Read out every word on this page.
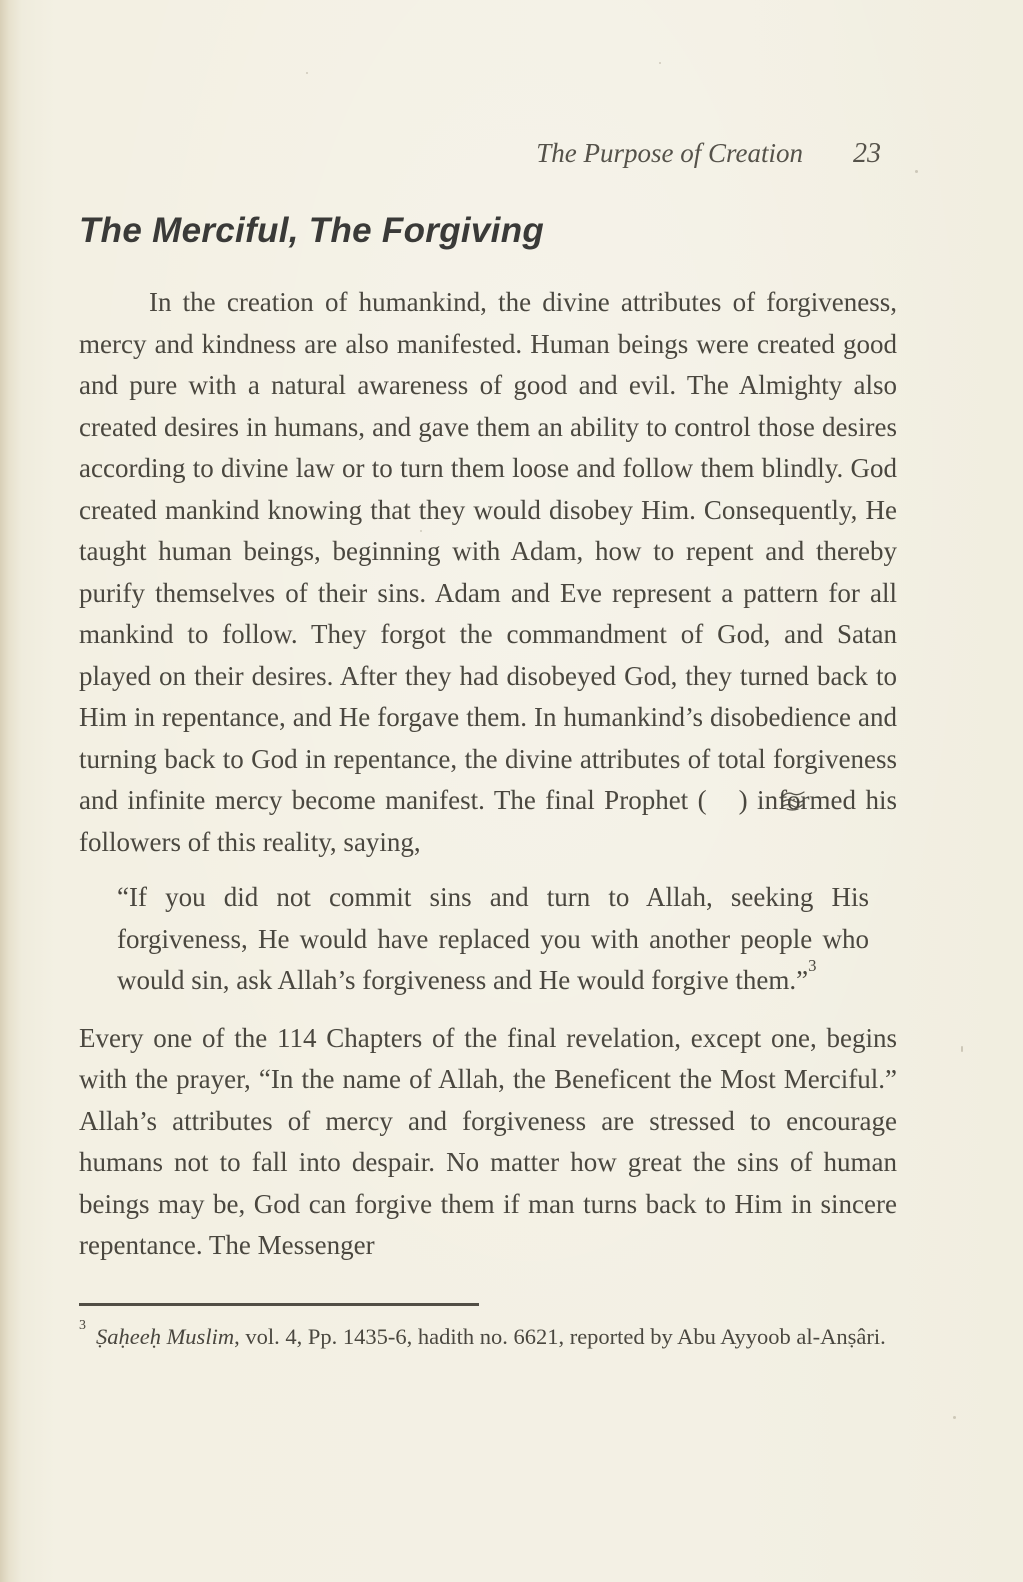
The Purpose of Creation 23
The Merciful, The Forgiving

In the creation of humankind, the divine attributes of forgiveness, mercy and kindness are also manifested. Human beings were created good and pure with a natural awareness of good and evil. The Almighty also created desires in humans, and gave them an ability to control those desires according to divine law or to turn them loose and follow them blindly. God created mankind knowing that they would disobey Him. Consequently, He taught human beings, beginning with Adam, how to repent and thereby purify themselves of their sins. Adam and Eve represent a pattern for all mankind to follow. They forgot the commandment of God, and Satan played on their desires. After they had disobeyed God, they turned back to Him in repentance, and He forgave them. In humankind’s disobedience and turning back to God in repentance, the divine attributes of total forgiveness and infinite mercy become manifest. The final Prophet ( ) informed his followers of this reality, saying,

“If you did not commit sins and turn to Allah, seeking His forgiveness, He would have replaced you with another people who would sin, ask Allah’s forgiveness and He would forgive them.”$^3$

Every one of the 114 Chapters of the final revelation, except one, begins with the prayer, “In the name of Allah, the Beneficent the Most Merciful.” Allah’s attributes of mercy and forgiveness are stressed to encourage humans not to fall into despair. No matter how great the sins of human beings may be, God can forgive them if man turns back to Him in sincere repentance. The Messenger

$^3$ Ṣaḥeeḥ Muslim, vol. 4, Pp. 1435-6, hadith no. 6621, reported by Abu Ayyoob al-Anṣâri.
